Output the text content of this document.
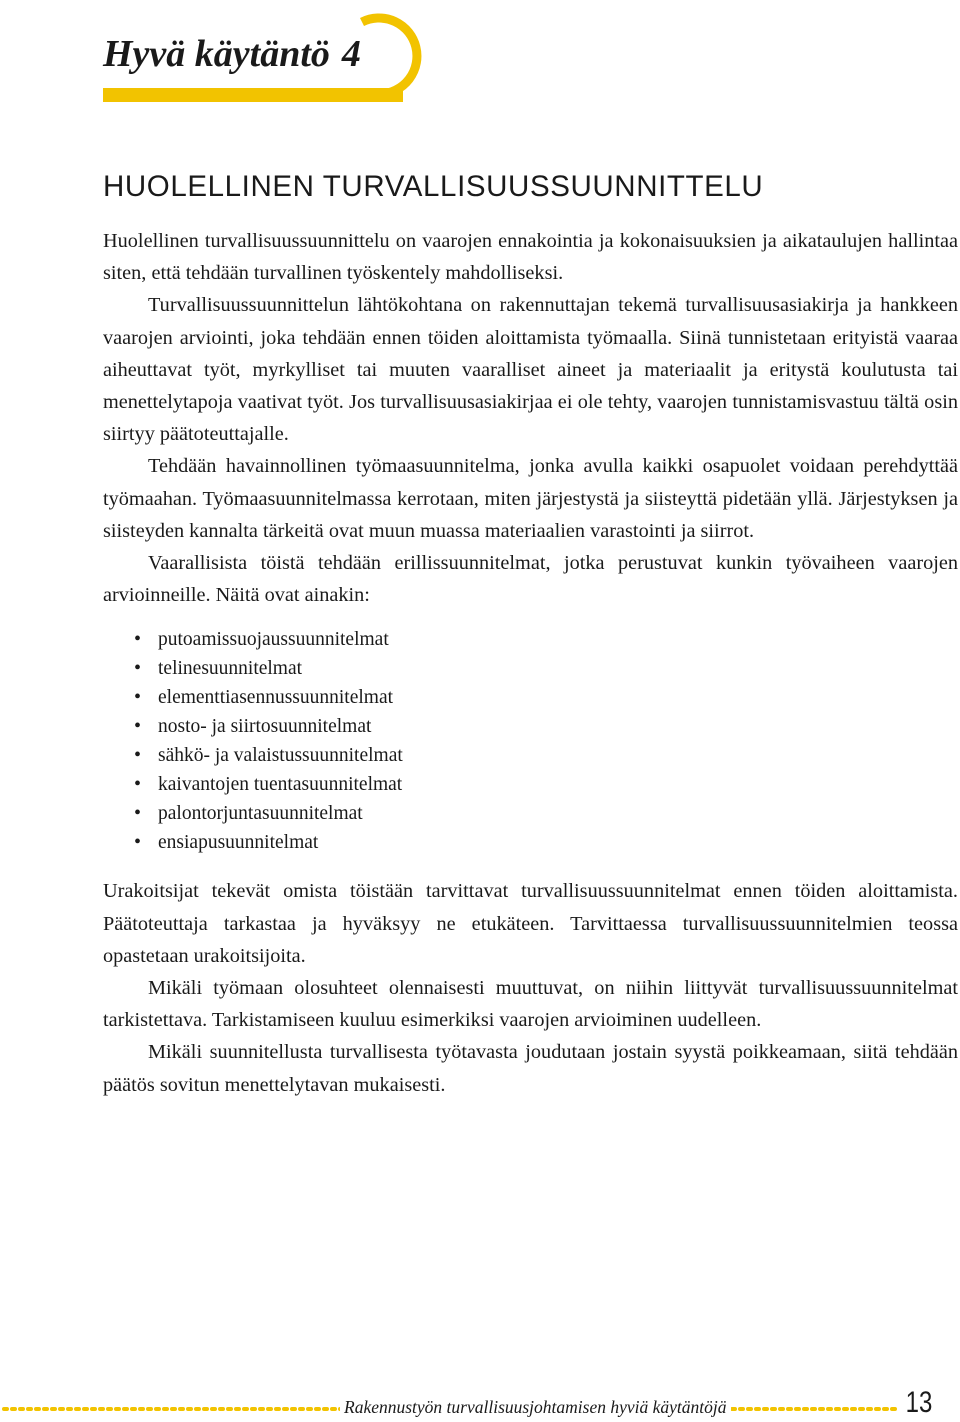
Hyvä käytäntö 4
HUOLELLINEN TURVALLISUUSSUUNNITTELU

Huolellinen turvallisuussuunnittelu on vaarojen ennakointia ja kokonaisuuksien ja aikataulujen hallintaa siten, että tehdään turvallinen työskentely mahdolliseksi.

Turvallisuussuunnittelun lähtökohtana on rakennuttajan tekemä turvallisuusasiakirja ja hankkeen vaarojen arviointi, joka tehdään ennen töiden aloittamista työmaalla. Siinä tunnistetaan erityistä vaaraa aiheuttavat työt, myrkylliset tai muuten vaaralliset aineet ja materiaalit ja eritystä koulutusta tai menettelytapoja vaativat työt. Jos turvallisuusasiakirjaa ei ole tehty, vaarojen tunnistamisvastuu tältä osin siirtyy päätoteuttajalle.

Tehdään havainnollinen työmaasuunnitelma, jonka avulla kaikki osapuolet voidaan perehdyttää työmaahan. Työmaasuunnitelmassa kerrotaan, miten järjestystä ja siisteyttä pidetään yllä. Järjestyksen ja siisteyden kannalta tärkeitä ovat muun muassa materiaalien varastointi ja siirrot.

Vaarallisista töistä tehdään erillissuunnitelmat, jotka perustuvat kunkin työvaiheen vaarojen arvioinneille. Näitä ovat ainakin:

• putoamissuojaussuunnitelmat
• telinesuunnitelmat
• elementtiasennussuunnitelmat
• nosto- ja siirtosuunnitelmat
• sähkö- ja valaistussuunnitelmat
• kaivantojen tuentasuunnitelmat
• palontorjuntasuunnitelmat
• ensiapusuunnitelmat

Urakoitsijat tekevät omista töistään tarvittavat turvallisuussuunnitelmat ennen töiden aloittamista. Päätoteuttaja tarkastaa ja hyväksyy ne etukäteen. Tarvittaessa turvallisuussuunnitelmien teossa opastetaan urakoitsijoita.

Mikäli työmaan olosuhteet olennaisesti muuttuvat, on niihin liittyvät turvallisuussuunnitelmat tarkistettava. Tarkistamiseen kuuluu esimerkiksi vaarojen arvioiminen uudelleen.

Mikäli suunnitellusta turvallisesta työtavasta joudutaan jostain syystä poikkeamaan, siitä tehdään päätös sovitun menettelytavan mukaisesti.

Rakennustyön turvallisuusjohtamisen hyviä käytäntöjä	13
